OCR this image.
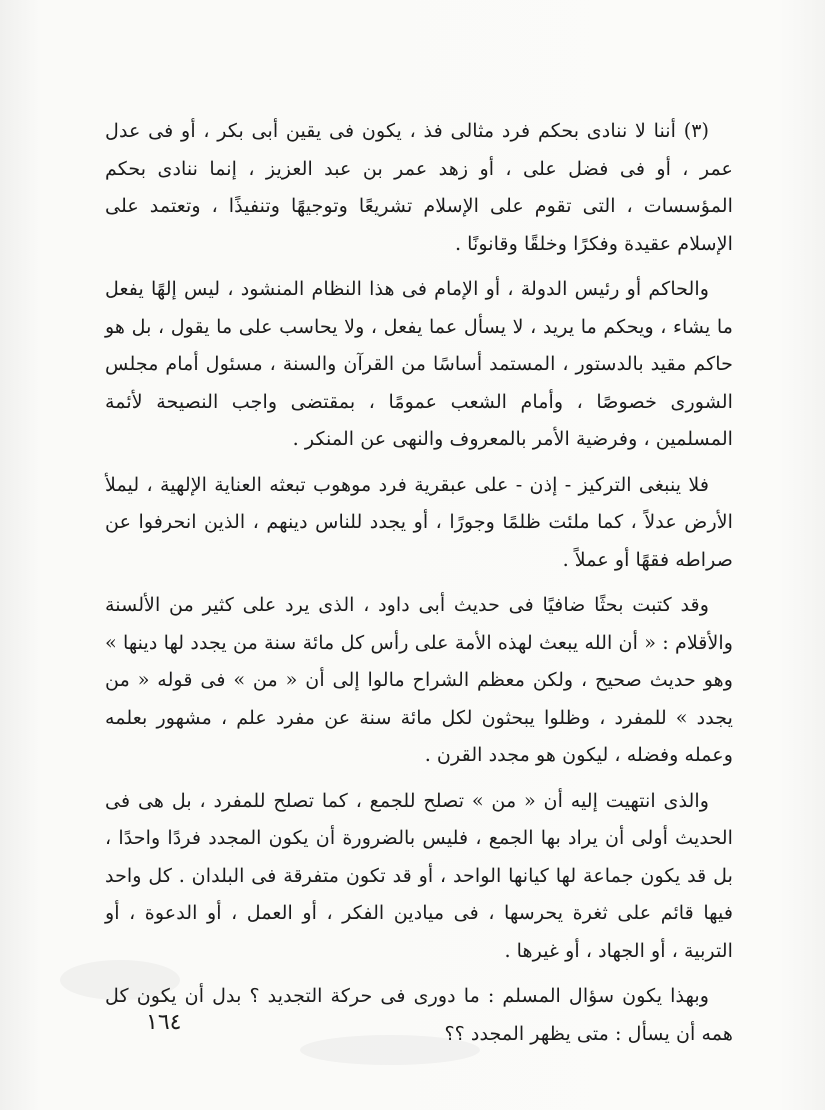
(٣) أننا لا ننادى بحكم فرد مثالى فذ ، يكون فى يقين أبى بكر ، أو فى عدل عمر ، أو فى فضل على ، أو زهد عمر بن عبد العزيز ، إنما ننادى بحكم المؤسسات ، التى تقوم على الإسلام تشريعًا وتوجيهًا وتنفيذًا ، وتعتمد على الإسلام عقيدة وفكرًا وخلقًا وقانونًا .

والحاكم أو رئيس الدولة ، أو الإمام فى هذا النظام المنشود ، ليس إلهًا يفعل ما يشاء ، ويحكم ما يريد ، لا يسأل عما يفعل ، ولا يحاسب على ما يقول ، بل هو حاكم مقيد بالدستور ، المستمد أساسًا من القرآن والسنة ، مسئول أمام مجلس الشورى خصوصًا ، وأمام الشعب عمومًا ، بمقتضى واجب النصيحة لأئمة المسلمين ، وفرضية الأمر بالمعروف والنهى عن المنكر .

فلا ينبغى التركيز - إذن - على عبقرية فرد موهوب تبعثه العناية الإلهية ، ليملأ الأرض عدلاً ، كما ملئت ظلمًا وجورًا ، أو يجدد للناس دينهم ، الذين انحرفوا عن صراطه فقهًا أو عملاً .

وقد كتبت بحثًا ضافيًا فى حديث أبى داود ، الذى يرد على كثير من الألسنة والأقلام : « أن الله يبعث لهذه الأمة على رأس كل مائة سنة من يجدد لها دينها » وهو حديث صحيح ، ولكن معظم الشراح مالوا إلى أن « من » فى قوله « من يجدد » للمفرد ، وظلوا يبحثون لكل مائة سنة عن مفرد علم ، مشهور بعلمه وعمله وفضله ، ليكون هو مجدد القرن .

والذى انتهيت إليه أن « من » تصلح للجمع ، كما تصلح للمفرد ، بل هى فى الحديث أولى أن يراد بها الجمع ، فليس بالضرورة أن يكون المجدد فردًا واحدًا ، بل قد يكون جماعة لها كيانها الواحد ، أو قد تكون متفرقة فى البلدان . كل واحد فيها قائم على ثغرة يحرسها ، فى ميادين الفكر ، أو العمل ، أو الدعوة ، أو التربية ، أو الجهاد ، أو غيرها .

وبهذا يكون سؤال المسلم : ما دورى فى حركة التجديد ؟ بدل أن يكون كل همه أن يسأل : متى يظهر المجدد ؟؟

١٦٤
